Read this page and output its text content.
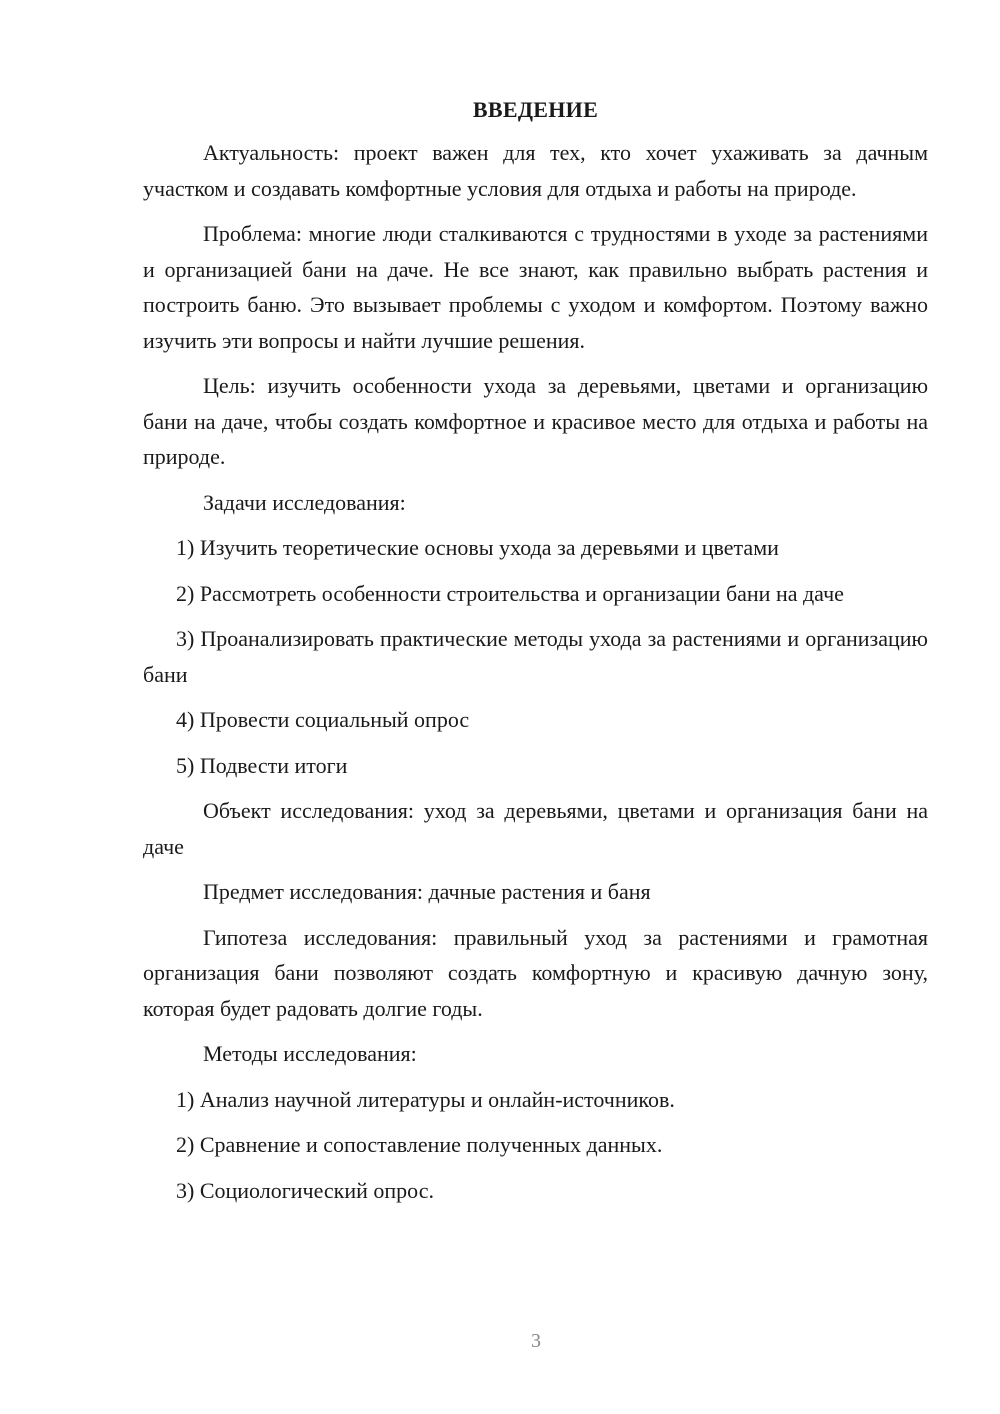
ВВЕДЕНИЕ

Актуальность: проект важен для тех, кто хочет ухаживать за дачным участком и создавать комфортные условия для отдыха и работы на природе.

Проблема: многие люди сталкиваются с трудностями в уходе за растениями и организацией бани на даче. Не все знают, как правильно выбрать растения и построить баню. Это вызывает проблемы с уходом и комфортом. Поэтому важно изучить эти вопросы и найти лучшие решения.

Цель: изучить особенности ухода за деревьями, цветами и организацию бани на даче, чтобы создать комфортное и красивое место для отдыха и работы на природе.

Задачи исследования:

1) Изучить теоретические основы ухода за деревьями и цветами

2) Рассмотреть особенности строительства и организации бани на даче

3) Проанализировать практические методы ухода за растениями и организацию бани

4) Провести социальный опрос

5) Подвести итоги

Объект исследования: уход за деревьями, цветами и организация бани на даче

Предмет исследования: дачные растения и баня

Гипотеза исследования: правильный уход за растениями и грамотная организация бани позволяют создать комфортную и красивую дачную зону, которая будет радовать долгие годы.

Методы исследования:

1) Анализ научной литературы и онлайн-источников.

2) Сравнение и сопоставление полученных данных.

3) Социологический опрос.

3
